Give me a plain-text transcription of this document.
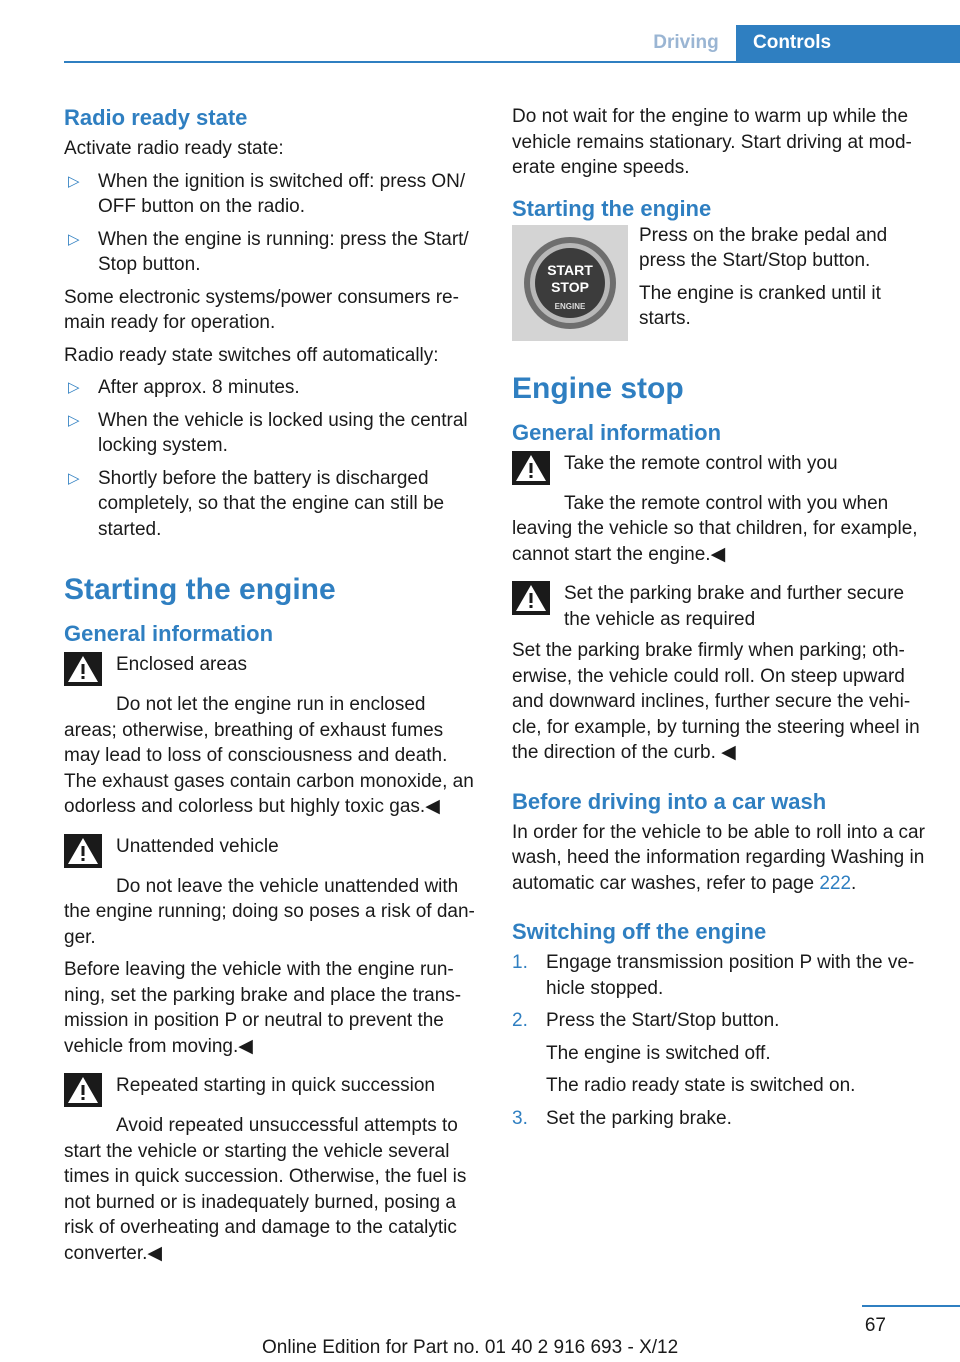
Driving	Controls
Radio ready state

Activate radio ready state:

▷ When the ignition is switched off: press ON/ OFF button on the radio.
▷ When the engine is running: press the Start/ Stop button.

Some electronic systems/power consumers re‐ main ready for operation.

Radio ready state switches off automatically:

▷ After approx. 8 minutes.
▷ When the vehicle is locked using the central locking system.
▷ Shortly before the battery is discharged completely, so that the engine can still be started.
Starting the engine
General information
Enclosed areas
Do not let the engine run in enclosed areas; otherwise, breathing of exhaust fumes may lead to loss of consciousness and death. The exhaust gases contain carbon monoxide, an odorless and colorless but highly toxic gas.◀
Unattended vehicle
Do not leave the vehicle unattended with the engine running; doing so poses a risk of dan‐ ger.

Before leaving the vehicle with the engine run‐ ning, set the parking brake and place the trans‐ mission in position P or neutral to prevent the vehicle from moving.◀

Repeated starting in quick succession
Avoid repeated unsuccessful attempts to start the vehicle or starting the vehicle several times in quick succession. Otherwise, the fuel is not burned or is inadequately burned, posing a risk of overheating and damage to the catalytic converter.◀

Do not wait for the engine to warm up while the vehicle remains stationary. Start driving at mod‐ erate engine speeds.

Starting the engine
START
STOP
ENGINE

Press on the brake pedal and press the Start/Stop button.

The engine is cranked until it starts.

Engine stop
General information
Take the remote control with you
Take the remote control with you when leaving the vehicle so that children, for example, cannot start the engine.◀
Set the parking brake and further secure the vehicle as required
Set the parking brake firmly when parking; oth‐ erwise, the vehicle could roll. On steep upward and downward inclines, further secure the vehi‐ cle, for example, by turning the steering wheel in the direction of the curb. ◀
Before driving into a car wash

In order for the vehicle to be able to roll into a car wash, heed the information regarding Washing in automatic car washes, refer to page 222.

Switching off the engine
1. Engage transmission position P with the ve‐ hicle stopped.
2. Press the Start/Stop button.
The engine is switched off.
The radio ready state is switched on.
3. Set the parking brake.
67
Online Edition for Part no. 01 40 2 916 693 - X/12
